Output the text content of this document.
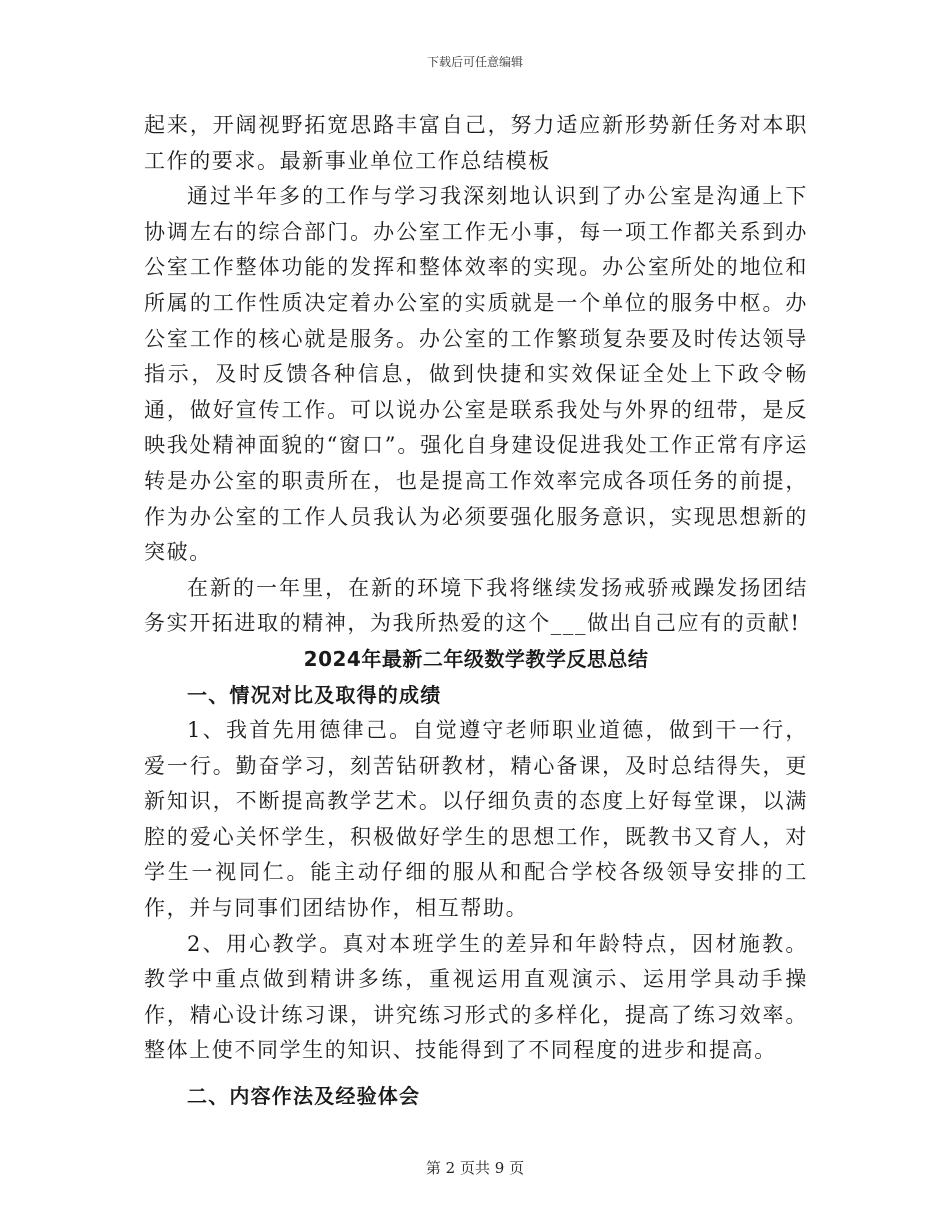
下载后可任意编辑

起来，开阔视野拓宽思路丰富自己，努力适应新形势新任务对本职工作的要求。最新事业单位工作总结模板

通过半年多的工作与学习我深刻地认识到了办公室是沟通上下协调左右的综合部门。办公室工作无小事，每一项工作都关系到办公室工作整体功能的发挥和整体效率的实现。办公室所处的地位和所属的工作性质决定着办公室的实质就是一个单位的服务中枢。办公室工作的核心就是服务。办公室的工作繁琐复杂要及时传达领导指示，及时反馈各种信息，做到快捷和实效保证全处上下政令畅通，做好宣传工作。可以说办公室是联系我处与外界的纽带，是反映我处精神面貌的“窗口”。强化自身建设促进我处工作正常有序运转是办公室的职责所在，也是提高工作效率完成各项任务的前提，作为办公室的工作人员我认为必须要强化服务意识，实现思想新的突破。

在新的一年里，在新的环境下我将继续发扬戒骄戒躁发扬团结务实开拓进取的精神，为我所热爱的这个___做出自己应有的贡献!

2024年最新二年级数学教学反思总结
一、情况对比及取得的成绩

1、我首先用德律己。自觉遵守老师职业道德，做到干一行，爱一行。勤奋学习，刻苦钻研教材，精心备课，及时总结得失，更新知识，不断提高教学艺术。以仔细负责的态度上好每堂课，以满腔的爱心关怀学生，积极做好学生的思想工作，既教书又育人，对学生一视同仁。能主动仔细的服从和配合学校各级领导安排的工作，并与同事们团结协作，相互帮助。

2、用心教学。真对本班学生的差异和年龄特点，因材施教。教学中重点做到精讲多练，重视运用直观演示、运用学具动手操作，精心设计练习课，讲究练习形式的多样化，提高了练习效率。整体上使不同学生的知识、技能得到了不同程度的进步和提高。

二、内容作法及经验体会
第 2 页共 9 页
